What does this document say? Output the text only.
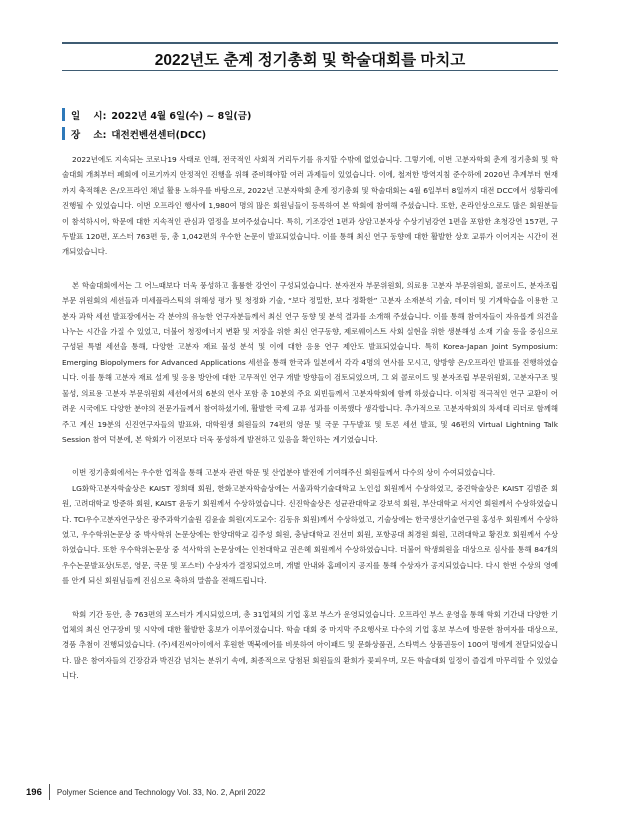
2022년도 춘계 정기총회 및 학술대회를 마치고
일    시: 2022년 4월 6일(수) ~ 8일(금)
장    소: 대전컨벤션센터(DCC)

2022년에도 지속되는 코로나19 사태로 인해, 전국적인 사회적 거리두기를 유지할 수밖에 없었습니다. 그렇기에, 이번 고분자학회 춘계 정기총회 및 학술대회 개최부터 폐회에 이르기까지 안정적인 진행을 위해 준비해야할 여러 과제들이 있었습니다. 이에, 철저한 방역지침 준수하에 2020년 추계부터 현재까지 축적해온 온/오프라인 채널 활용 노하우를 바탕으로, 2022년 고분자학회 춘계 정기총회 및 학술대회는 4월 6일부터 8일까지 대전 DCC에서 성황리에 진행될 수 있었습니다. 이번 오프라인 행사에 1,980여 명의 많은 회원님들이 등록하여 본 학회에 참여해 주셨습니다. 또한, 온라인상으로도 많은 회원분들이 참석하시어, 학문에 대한 지속적인 관심과 열정을 보여주셨습니다. 특히, 기조강연 1편과 상암고분자상 수상기념강연 1편을 포함한 초청강연 157편, 구두발표 120편, 포스터 763편 등, 총 1,042편의 우수한 논문이 발표되었습니다. 이를 통해 최신 연구 동향에 대한 활발한 상호 교류가 이어지는 시간이 전개되었습니다.

본 학술대회에서는 그 어느때보다 더욱 풍성하고 훌륭한 강연이 구성되었습니다. 분자전자 부문위원회, 의료용 고분자 부문위원회, 콜로이드, 분자조립 부문 위원회의 세션들과 미세플라스틱의 위해성 평가 및 청정화 기술, “보다 정밀한, 보다 정확한” 고분자 소재분석 기술, 데이터 및 기계학습을 이용한 고분자 과학 세션 발표장에서는 각 분야의 유능한 연구자분들께서 최신 연구 동향 및 분석 결과를 소개해 주셨습니다. 이를 통해 참여자들이 자유롭게 의견을 나누는 시간을 가질 수 있었고, 더불어 청정에너지 변환 및 저장을 위한 최신 연구동향, 제로웨이스트 사회 실현을 위한 생분해성 소재 기술 등을 중심으로 구성된 특별 세션을 통해, 다양한 고분자 재료 물성 분석 및 이에 대한 응용 연구 제안도 발표되었습니다. 특히 Korea-Japan Joint Symposium: Emerging Biopolymers for Advanced Applications 세션을 통해 한국과 일본에서 각각 4명의 연사를 모시고, 양방향 온/오프라인 발표를 진행하였습니다. 이를 통해 고분자 재료 설계 및 응용 방안에 대한 고무적인 연구 개발 방향들이 검토되었으며, 그 외 콜로이드 및 분자조립 부문위원회, 고분자구조 및 물성, 의료용 고분자 부문위원회 세션에서의 6분의 연사 포함 총 10분의 주요 외빈들께서 고분자학회에 함께 하셨습니다. 이처럼 적극적인 연구 교환이 어려운 시국에도 다양한 분야의 전문가들께서 참여하셨기에, 활발한 국제 교류 성과를 이룩했다 생각합니다. 추가적으로 고분자학회의 차세대 리더로 함께해주고 계신 19분의 신진연구자들의 발표와, 대학원생 회원들의 74편의 영문 및 국문 구두발표 및 토론 세션 발표, 및 46편의 Virtual Lightning Talk Session 참여 덕분에, 본 학회가 이전보다 더욱 풍성하게 발전하고 있음을 확인하는 계기였습니다.

이번 정기총회에서는 우수한 업적을 통해 고분자 관련 학문 및 산업분야 발전에 기여해주신 회원들께서 다수의 상이 수여되었습니다.

LG화학고분자학술상은 KAIST 정희태 회원, 한화고분자학술상에는 서울과학기술대학교 노인섭 회원께서 수상하였고, 중견학술상은 KAIST 김범준 회원, 고려대학교 방준하 회원, KAIST 윤동기 회원께서 수상하였습니다. 신진학술상은 성균관대학교 강보석 회원, 부산대학교 서지연 회원께서 수상하였습니다. TCI우수고분자연구상은 광주과학기술원 김윤솔 회원(지도교수: 김동유 회원)께서 수상하였고, 기술상에는 한국생산기술연구원 홍성우 회원께서 수상하였고, 우수학위논문상 중 박사학위 논문상에는 한양대학교 김주성 회원, 충남대학교 진선미 회원, 포항공대 최경원 회원, 고려대학교 황진호 회원께서 수상하였습니다. 또한 우수학위논문상 중 석사학위 논문상에는 인천대학교 권은혜 회원께서 수상하였습니다. 더불어 학생회원을 대상으로 심사를 통해 84개의 우수논문발표상(토론, 영문, 국문 및 포스터) 수상자가 결정되었으며, 개별 안내와 홈페이지 공지를 통해 수상자가 공지되었습니다. 다시 한번 수상의 영예를 안게 되신 회원님들께 진심으로 축하의 말씀을 전해드립니다.

학회 기간 동안, 총 763편의 포스터가 게시되었으며, 총 31업체의 기업 홍보 부스가 운영되었습니다. 오프라인 부스 운영을 통해 학회 기간내 다양한 기업체의 최신 연구장비 및 시약에 대한 활발한 홍보가 이루어졌습니다. 학술 대회 중 마지막 주요행사로 다수의 기업 홍보 부스에 방문한 참여자를 대상으로, 경품 추첨이 진행되었습니다. (주)세진씨아이에서 후원한 맥북에어를 비롯하여 아이패드 및 문화상품권, 스타벅스 상품권등이 100여 명에게 전달되었습니다. 많은 참여자들의 긴장감과 박진감 넘치는 분위기 속에, 최종적으로 당첨된 회원들의 환희가 꽃피우며, 모든 학술대회 일정이 즐겁게 마무리할 수 있었습니다.

196 Polymer Science and Technology Vol. 33, No. 2, April 2022
